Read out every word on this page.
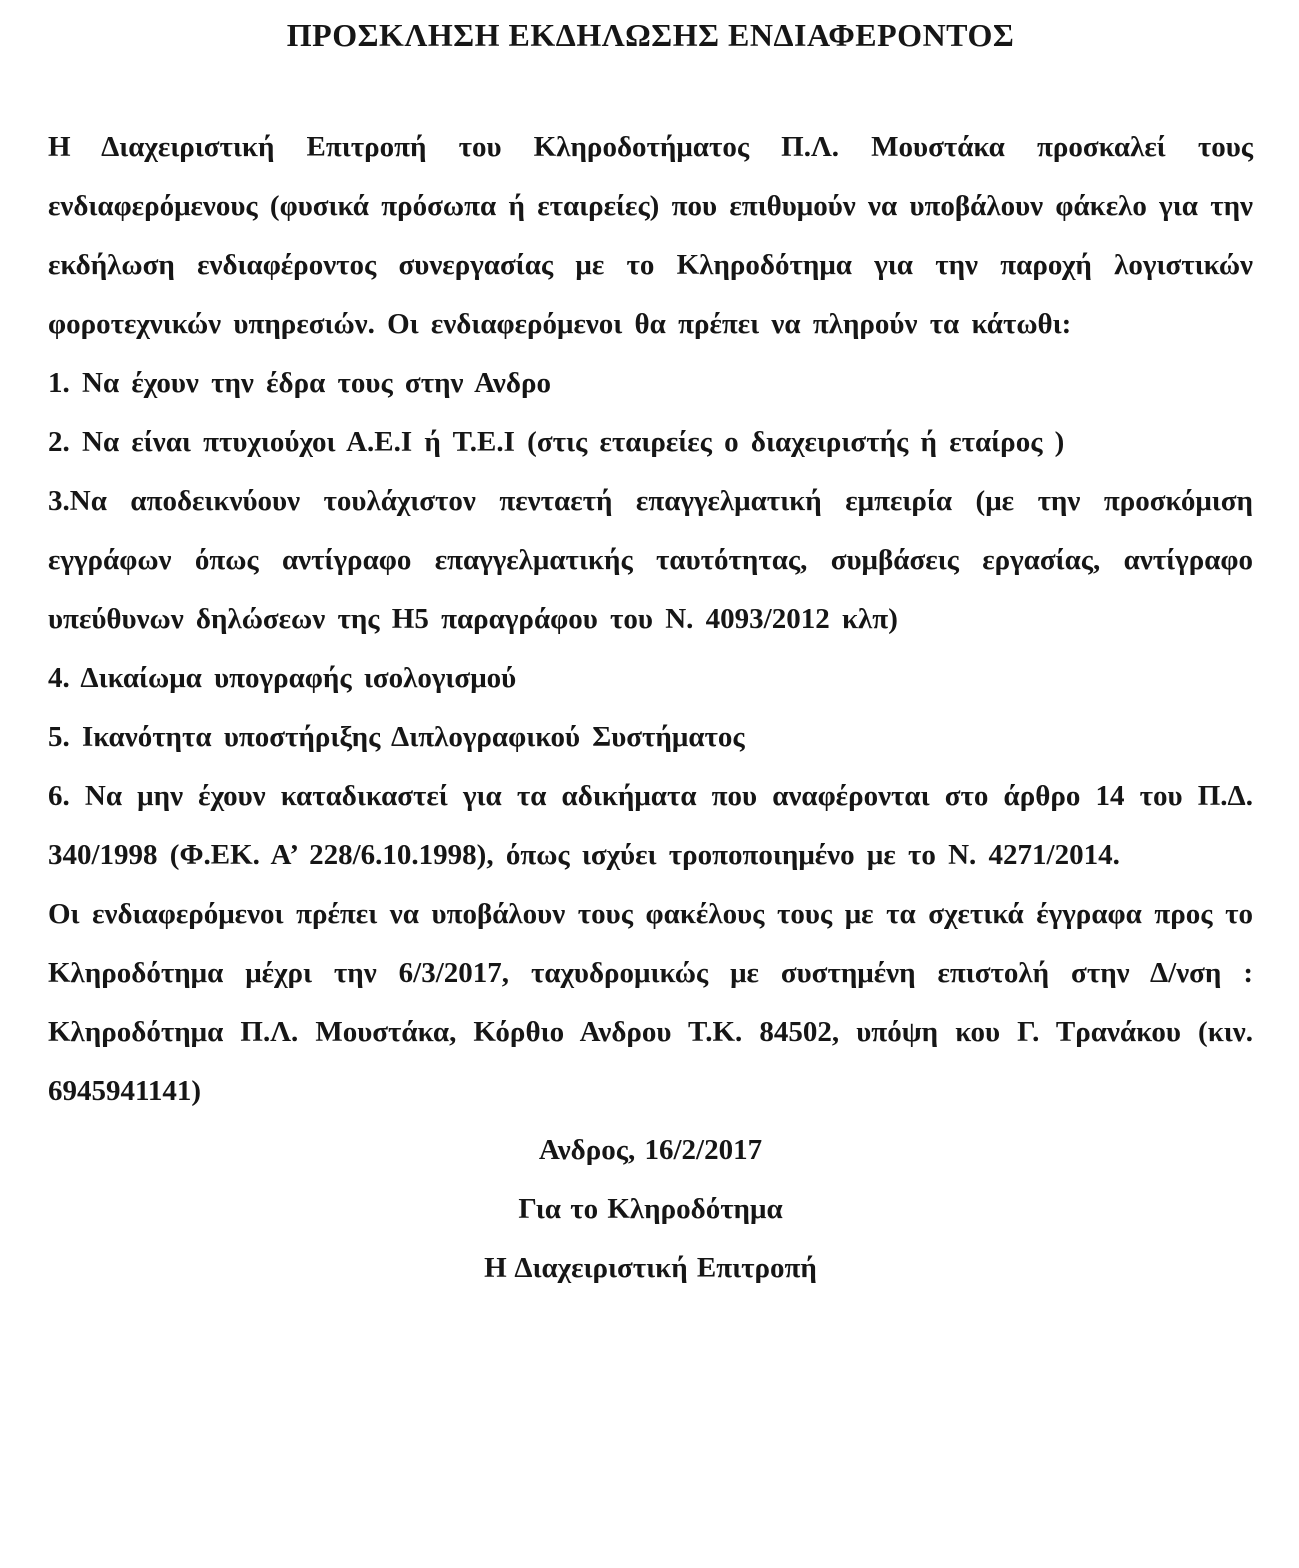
ΠΡΟΣΚΛΗΣΗ ΕΚΔΗΛΩΣΗΣ ΕΝΔΙΑΦΕΡΟΝΤΟΣ

Η Διαχειριστική Επιτροπή του Κληροδοτήματος Π.Λ. Μουστάκα προσκαλεί τους ενδιαφερόμενους (φυσικά πρόσωπα ή εταιρείες) που επιθυμούν να υποβάλουν φάκελο για την εκδήλωση ενδιαφέροντος συνεργασίας με το Κληροδότημα για την παροχή λογιστικών φοροτεχνικών υπηρεσιών. Οι ενδιαφερόμενοι θα πρέπει να πληρούν τα κάτωθι:

1. Να έχουν την έδρα τους στην Ανδρο

2. Να είναι πτυχιούχοι Α.Ε.Ι ή Τ.Ε.Ι (στις εταιρείες ο διαχειριστής ή εταίρος )

3.Να αποδεικνύουν τουλάχιστον πενταετή επαγγελματική εμπειρία (με την προσκόμιση εγγράφων όπως αντίγραφο επαγγελματικής ταυτότητας, συμβάσεις εργασίας, αντίγραφο υπεύθυνων δηλώσεων της Η5 παραγράφου του Ν. 4093/2012 κλπ)

4. Δικαίωμα υπογραφής ισολογισμού

5. Ικανότητα υποστήριξης Διπλογραφικού Συστήματος

6. Να μην έχουν καταδικαστεί για τα αδικήματα που αναφέρονται στο άρθρο 14 του Π.Δ. 340/1998 (Φ.ΕΚ. Α’ 228/6.10.1998), όπως ισχύει τροποποιημένο με το Ν. 4271/2014.

Οι ενδιαφερόμενοι πρέπει να υποβάλουν τους φακέλους τους με τα σχετικά έγγραφα προς το Κληροδότημα μέχρι την 6/3/2017, ταχυδρομικώς με συστημένη επιστολή στην Δ/νση : Κληροδότημα Π.Λ. Μουστάκα, Κόρθιο Ανδρου Τ.Κ. 84502, υπόψη κου Γ. Τρανάκου (κιν. 6945941141)

Ανδρος, 16/2/2017

Για το Κληροδότημα

Η Διαχειριστική Επιτροπή
